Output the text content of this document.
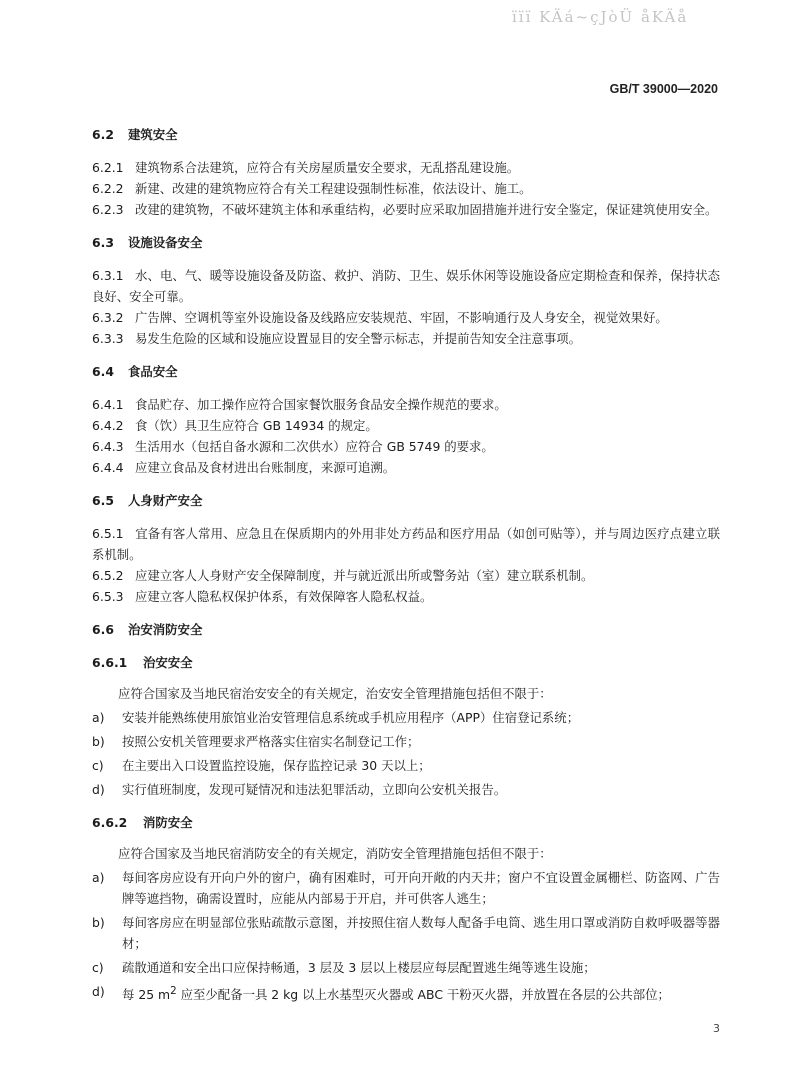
ïïï KÄá~çJòÜ åKÄå
GB/T 39000—2020
6.2 建筑安全

6.2.1 建筑物系合法建筑，应符合有关房屋质量安全要求，无乱搭乱建设施。

6.2.2 新建、改建的建筑物应符合有关工程建设强制性标准，依法设计、施工。

6.2.3 改建的建筑物，不破坏建筑主体和承重结构，必要时应采取加固措施并进行安全鉴定，保证建筑使用安全。

6.3 设施设备安全

6.3.1 水、电、气、暖等设施设备及防盗、救护、消防、卫生、娱乐休闲等设施设备应定期检查和保养，保持状态良好、安全可靠。

6.3.2 广告牌、空调机等室外设施设备及线路应安装规范、牢固，不影响通行及人身安全，视觉效果好。

6.3.3 易发生危险的区域和设施应设置显目的安全警示标志，并提前告知安全注意事项。

6.4 食品安全

6.4.1 食品贮存、加工操作应符合国家餐饮服务食品安全操作规范的要求。

6.4.2 食（饮）具卫生应符合 GB 14934 的规定。

6.4.3 生活用水（包括自备水源和二次供水）应符合 GB 5749 的要求。

6.4.4 应建立食品及食材进出台账制度，来源可追溯。

6.5 人身财产安全

6.5.1 宜备有客人常用、应急且在保质期内的外用非处方药品和医疗用品（如创可贴等），并与周边医疗点建立联系机制。

6.5.2 应建立客人人身财产安全保障制度，并与就近派出所或警务站（室）建立联系机制。

6.5.3 应建立客人隐私权保护体系，有效保障客人隐私权益。

6.6 治安消防安全
6.6.1 治安安全
应符合国家及当地民宿治安安全的有关规定，治安安全管理措施包括但不限于：
a) 安装并能熟练使用旅馆业治安管理信息系统或手机应用程序（APP）住宿登记系统；
b) 按照公安机关管理要求严格落实住宿实名制登记工作；
c) 在主要出入口设置监控设施，保存监控记录 30 天以上；
d) 实行值班制度，发现可疑情况和违法犯罪活动，立即向公安机关报告。
6.6.2 消防安全
应符合国家及当地民宿消防安全的有关规定，消防安全管理措施包括但不限于：
a) 每间客房应设有开向户外的窗户，确有困难时，可开向开敞的内天井；窗户不宜设置金属栅栏、防盗网、广告牌等遮挡物，确需设置时，应能从内部易于开启，并可供客人逃生；
b) 每间客房应在明显部位张贴疏散示意图，并按照住宿人数每人配备手电筒、逃生用口罩或消防自救呼吸器等器材；
c) 疏散通道和安全出口应保持畅通，3 层及 3 层以上楼层应每层配置逃生绳等逃生设施；
d) 每 25 $m^2$ 应至少配备一具 2 kg 以上水基型灭火器或 ABC 干粉灭火器，并放置在各层的公共部位；
3
